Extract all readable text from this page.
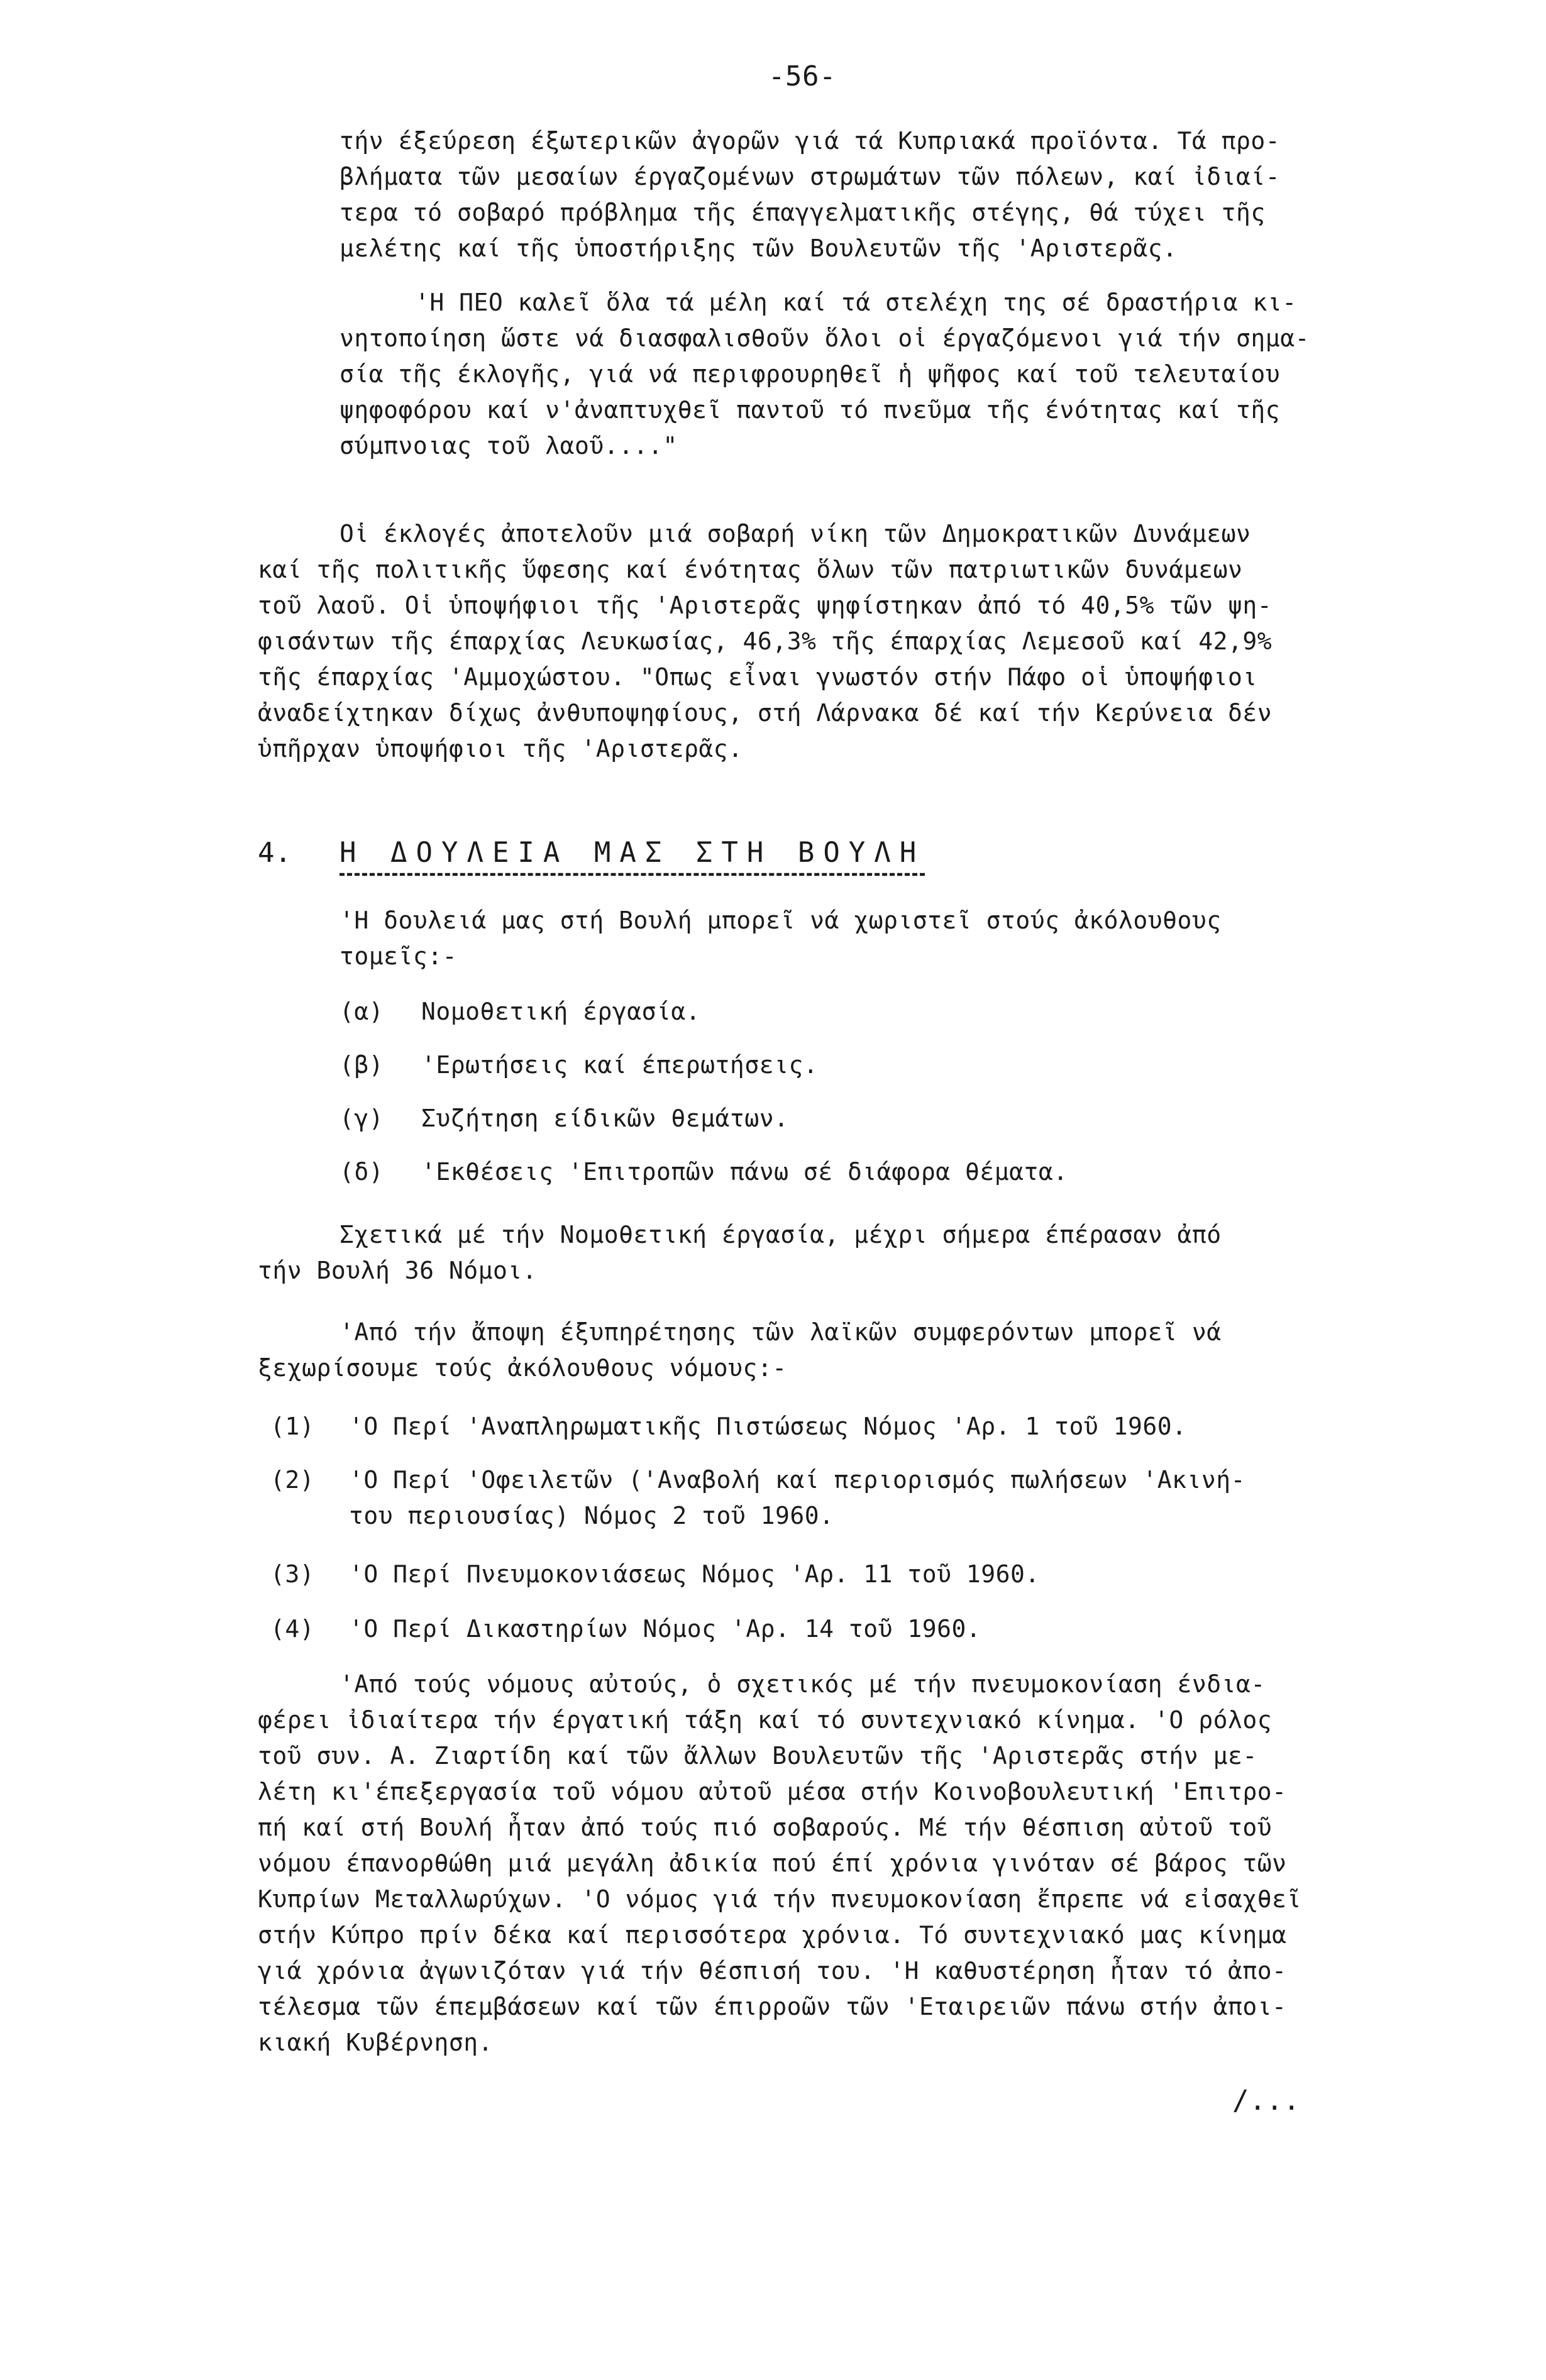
-56-
τήν έξεύρεση έξωτερικῶν ἀγορῶν γιά τά Κυπριακά προϊόντα. Τά προ-
βλήματα τῶν μεσαίων έργαζομένων στρωμάτων τῶν πόλεων, καί ἰδιαί-
τερα τό σοβαρό πρόβλημα τῆς έπαγγελματικῆς στέγης, θά τύχει τῆς
μελέτης καί τῆς ὑποστήριξης τῶν Βουλευτῶν τῆς 'Αριστερᾶς.
'Η ΠΕΟ καλεῖ ὅλα τά μέλη καί τά στελέχη της σέ δραστήρια κι-
νητοποίηση ὥστε νά διασφαλισθοῦν ὅλοι οἱ έργαζόμενοι γιά τήν σημα-
σία τῆς έκλογῆς, γιά νά περιφρουρηθεῖ ἡ ψῆφος καί τοῦ τελευταίου
ψηφοφόρου καί ν'ἀναπτυχθεῖ παντοῦ τό πνεῦμα τῆς ένότητας καί τῆς
σύμπνοιας τοῦ λαοῦ...."
Οἱ έκλογές ἀποτελοῦν μιά σοβαρή νίκη τῶν Δημοκρατικῶν Δυνάμεων
καί τῆς πολιτικῆς ὕφεσης καί ένότητας ὅλων τῶν πατριωτικῶν δυνάμεων
τοῦ λαοῦ. Οἱ ὑποψήφιοι τῆς 'Αριστερᾶς ψηφίστηκαν ἀπό τό 40,5% τῶν ψη-
φισάντων τῆς έπαρχίας Λευκωσίας, 46,3% τῆς έπαρχίας Λεμεσοῦ καί 42,9%
τῆς έπαρχίας 'Αμμοχώστου. "Οπως εἶναι γνωστόν στήν Πάφο οἱ ὑποψήφιοι
ἀναδείχτηκαν δίχως ἀνθυποψηφίους, στή Λάρνακα δέ καί τήν Κερύνεια δέν
ὑπῆρχαν ὑποψήφιοι τῆς 'Αριστερᾶς.
4. Η ΔΟΥΛΕΙΑ ΜΑΣ ΣΤΗ ΒΟΥΛΗ
'Η δουλειά μας στή Βουλή μπορεῖ νά χωριστεῖ στούς ἀκόλουθους
τομεῖς:-
(α) Νομοθετική έργασία.
(β) 'Ερωτήσεις καί έπερωτήσεις.
(γ) Συζήτηση είδικῶν θεμάτων.
(δ) 'Εκθέσεις 'Επιτροπῶν πάνω σέ διάφορα θέματα.
Σχετικά μέ τήν Νομοθετική έργασία, μέχρι σήμερα έπέρασαν ἀπό
τήν Βουλή 36 Νόμοι.
'Από τήν ἄποψη έξυπηρέτησης τῶν λαϊκῶν συμφερόντων μπορεῖ νά
ξεχωρίσουμε τούς ἀκόλουθους νόμους:-
(1) 'Ο Περί 'Αναπληρωματικῆς Πιστώσεως Νόμος 'Αρ. 1 τοῦ 1960.
(2) 'Ο Περί 'Οφειλετῶν ('Αναβολή καί περιορισμός πωλήσεων 'Ακινή-
του περιουσίας) Νόμος 2 τοῦ 1960.
(3) 'Ο Περί Πνευμοκονιάσεως Νόμος 'Αρ. 11 τοῦ 1960.
(4) 'Ο Περί Δικαστηρίων Νόμος 'Αρ. 14 τοῦ 1960.
'Από τούς νόμους αὐτούς, ὁ σχετικός μέ τήν πνευμοκονίαση ένδια-
φέρει ἰδιαίτερα τήν έργατική τάξη καί τό συντεχνιακό κίνημα. 'Ο ρόλος
τοῦ συν. Α. Ζιαρτίδη καί τῶν ἄλλων Βουλευτῶν τῆς 'Αριστερᾶς στήν με-
λέτη κι'έπεξεργασία τοῦ νόμου αὐτοῦ μέσα στήν Κοινοβουλευτική 'Επιτρο-
πή καί στή Βουλή ἦταν ἀπό τούς πιό σοβαρούς. Μέ τήν θέσπιση αὐτοῦ τοῦ
νόμου έπανορθώθη μιά μεγάλη ἀδικία πού έπί χρόνια γινόταν σέ βάρος τῶν
Κυπρίων Μεταλλωρύχων. 'Ο νόμος γιά τήν πνευμοκονίαση ἔπρεπε νά εἰσαχθεῖ
στήν Κύπρο πρίν δέκα καί περισσότερα χρόνια. Τό συντεχνιακό μας κίνημα
γιά χρόνια ἀγωνιζόταν γιά τήν θέσπισή του. 'Η καθυστέρηση ἦταν τό ἀπο-
τέλεσμα τῶν έπεμβάσεων καί τῶν έπιρροῶν τῶν 'Εταιρειῶν πάνω στήν ἀποι-
κιακή Κυβέρνηση.
/...
